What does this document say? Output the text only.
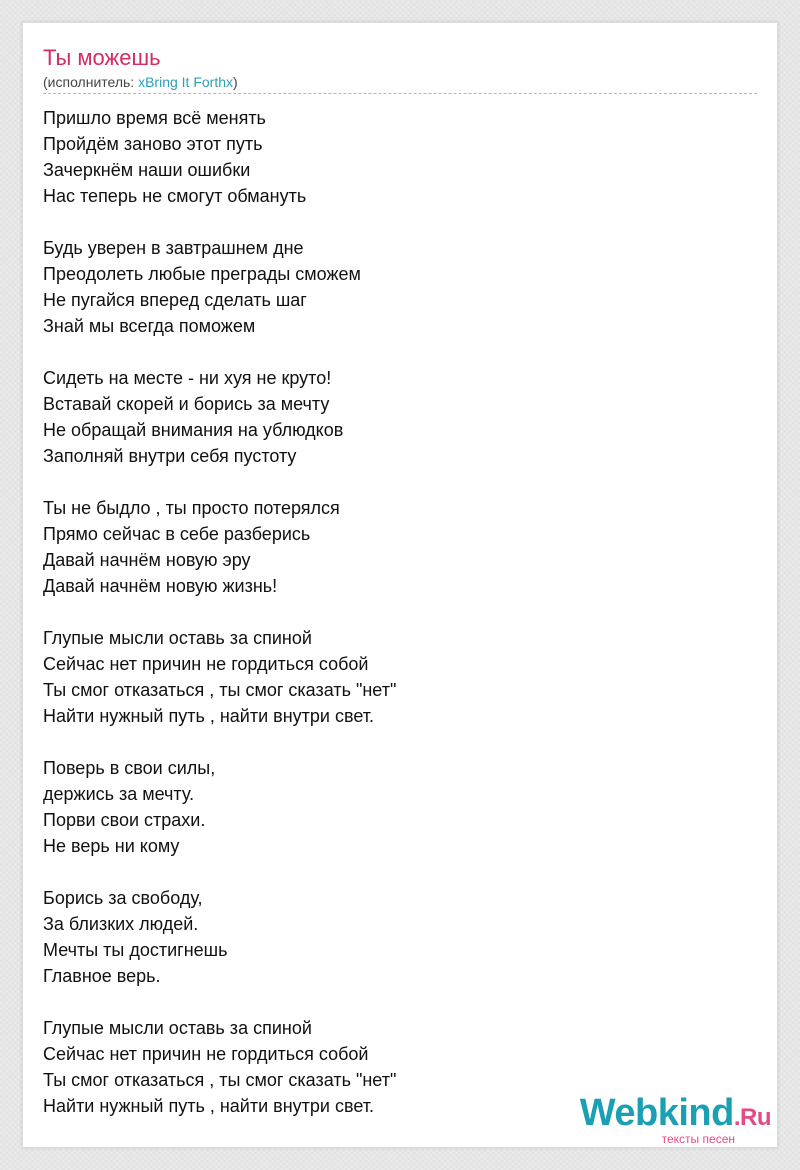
Ты можешь
(исполнитель: xBring It Forthx)
Пришло время всё менять
Пройдём заново этот путь
Зачеркнём наши ошибки
Нас теперь не смогут обмануть
Будь уверен в завтрашнем дне
Преодолеть любые преграды сможем
Не пугайся вперед сделать шаг
Знай мы всегда поможем
Сидеть на месте - ни хуя не круто!
Вставай скорей и борись за мечту
Не обращай внимания на ублюдков
Заполняй внутри себя пустоту
Ты не быдло , ты просто потерялся
Прямо сейчас в себе разберись
Давай начнём новую эру
Давай начнём новую жизнь!
Глупые мысли оставь за спиной
Сейчас нет причин не гордиться собой
Ты смог отказаться , ты смог сказать "нет"
Найти нужный путь , найти внутри свет.
Поверь в свои силы,
держись за мечту.
Порви свои страхи.
Не верь ни кому
Борись за свободу,
За близких людей.
Мечты ты достигнешь
Главное верь.
Глупые мысли оставь за спиной
Сейчас нет причин не гордиться собой
Ты смог отказаться , ты смог сказать "нет"
Найти нужный путь , найти внутри свет.	Webkind.Ru
тексты песен
